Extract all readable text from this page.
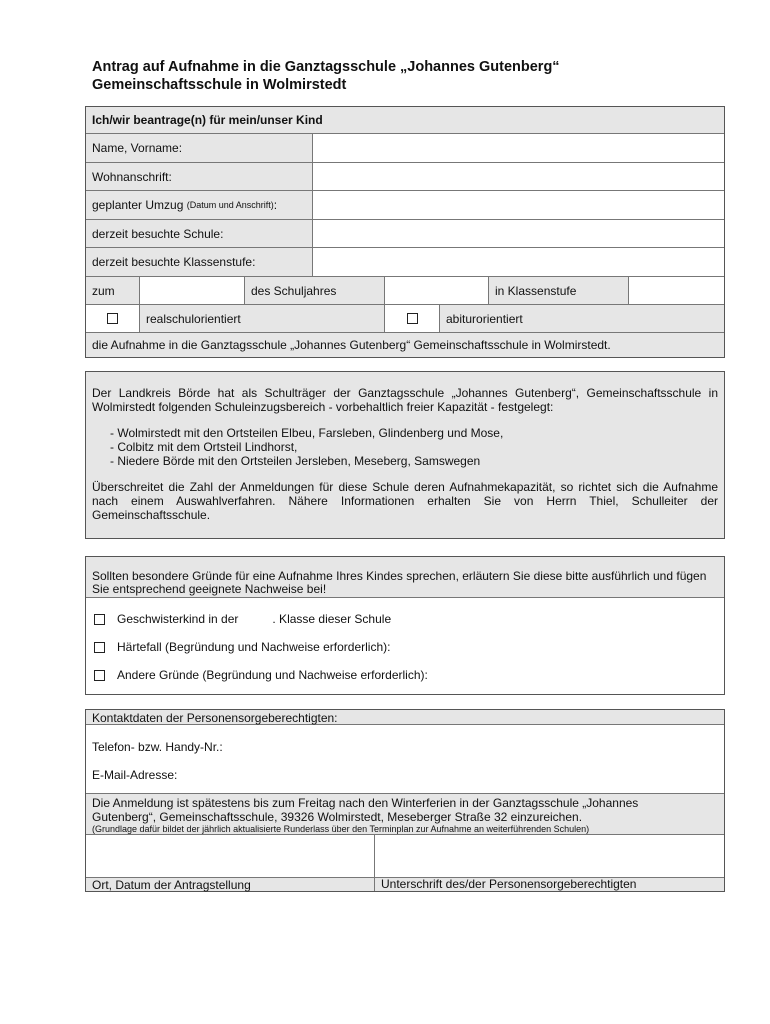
Antrag auf Aufnahme in die Ganztagsschule „Johannes Gutenberg“
Gemeinschaftsschule in Wolmirstedt
Ich/wir beantrage(n) für mein/unser Kind
Name, Vorname:
Wohnanschrift:
geplanter Umzug
(Datum und Anschrift) :
derzeit besuchte Schule:
derzeit besuchte Klassenstufe:
zum	des Schuljahres	in Klassenstufe
realschulorientiert	abiturorientiert
die Aufnahme in die Ganztagsschule „Johannes Gutenberg“ Gemeinschaftsschule in Wolmirstedt.

Der Landkreis Börde hat als Schulträger der Ganztagsschule „Johannes Gutenberg“, Gemeinschaftsschule in Wolmirstedt folgenden Schuleinzugsbereich - vorbehaltlich freier Kapazität - festgelegt:

- Wolmirstedt mit den Ortsteilen Elbeu, Farsleben, Glindenberg und Mose,
- Colbitz mit dem Ortsteil Lindhorst,
- Niedere Börde mit den Ortsteilen Jersleben, Meseberg, Samswegen

Überschreitet die Zahl der Anmeldungen für diese Schule deren Aufnahmekapazität, so richtet sich die Aufnahme nach einem Auswahlverfahren. Nähere Informationen erhalten Sie von Herrn Thiel, Schulleiter der Gemeinschaftsschule.

Sollten besondere Gründe für eine Aufnahme Ihres Kindes sprechen, erläutern Sie diese bitte ausführlich und fügen Sie entsprechend geeignete Nachweise bei!
Geschwisterkind in der	. Klasse dieser Schule
Härtefall (Begründung und Nachweise erforderlich):
Andere Gründe (Begründung und Nachweise erforderlich):
Kontaktdaten der Personensorgeberechtigten:
Telefon- bzw. Handy-Nr.:
E-Mail-Adresse:
Die Anmeldung ist spätestens bis zum Freitag nach den Winterferien in der Ganztagsschule „Johannes
Gutenberg“, Gemeinschaftsschule, 39326 Wolmirstedt, Meseberger Straße 32 einzureichen.
(Grundlage dafür bildet der jährlich aktualisierte Runderlass über den Terminplan zur Aufnahme an weiterführenden Schulen)
Ort, Datum der Antragstellung	Unterschrift des/der Personensorgeberechtigten
